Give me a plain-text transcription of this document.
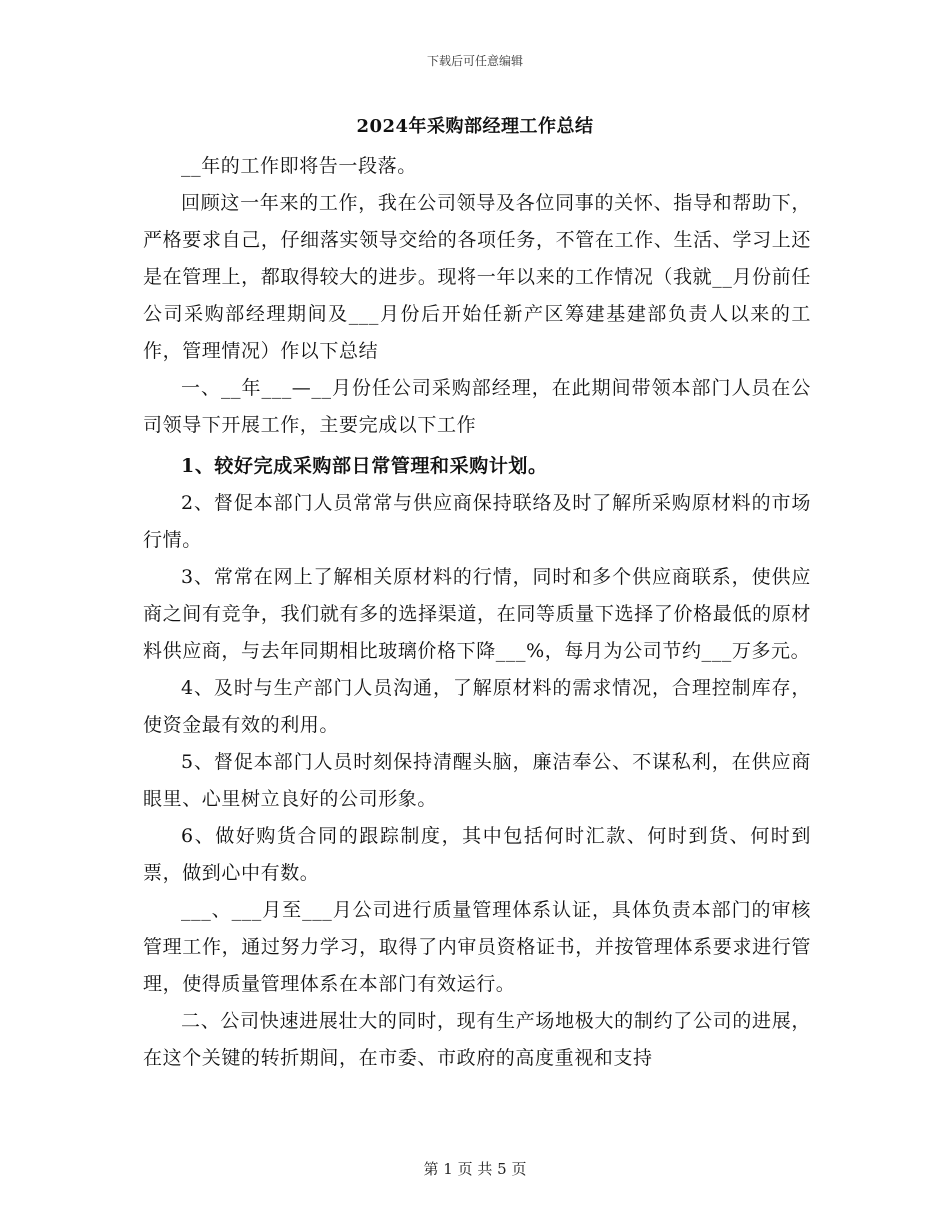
下载后可任意编辑
2024年采购部经理工作总结

__年的工作即将告一段落。

回顾这一年来的工作，我在公司领导及各位同事的关怀、指导和帮助下，严格要求自己，仔细落实领导交给的各项任务，不管在工作、生活、学习上还是在管理上，都取得较大的进步。现将一年以来的工作情况（我就__月份前任公司采购部经理期间及___月份后开始任新产区筹建基建部负责人以来的工作，管理情况）作以下总结

一、__年___—__月份任公司采购部经理，在此期间带领本部门人员在公司领导下开展工作，主要完成以下工作

1、较好完成采购部日常管理和采购计划。

2、督促本部门人员常常与供应商保持联络及时了解所采购原材料的市场行情。

3、常常在网上了解相关原材料的行情，同时和多个供应商联系，使供应商之间有竞争，我们就有多的选择渠道，在同等质量下选择了价格最低的原材料供应商，与去年同期相比玻璃价格下降___%，每月为公司节约___万多元。

4、及时与生产部门人员沟通，了解原材料的需求情况，合理控制库存，使资金最有效的利用。

5、督促本部门人员时刻保持清醒头脑，廉洁奉公、不谋私利，在供应商眼里、心里树立良好的公司形象。

6、做好购货合同的跟踪制度，其中包括何时汇款、何时到货、何时到票，做到心中有数。

___、___月至___月公司进行质量管理体系认证，具体负责本部门的审核管理工作，通过努力学习，取得了内审员资格证书，并按管理体系要求进行管理，使得质量管理体系在本部门有效运行。

二、公司快速进展壮大的同时，现有生产场地极大的制约了公司的进展，在这个关键的转折期间，在市委、市政府的高度重视和支持

第 1 页 共 5 页
